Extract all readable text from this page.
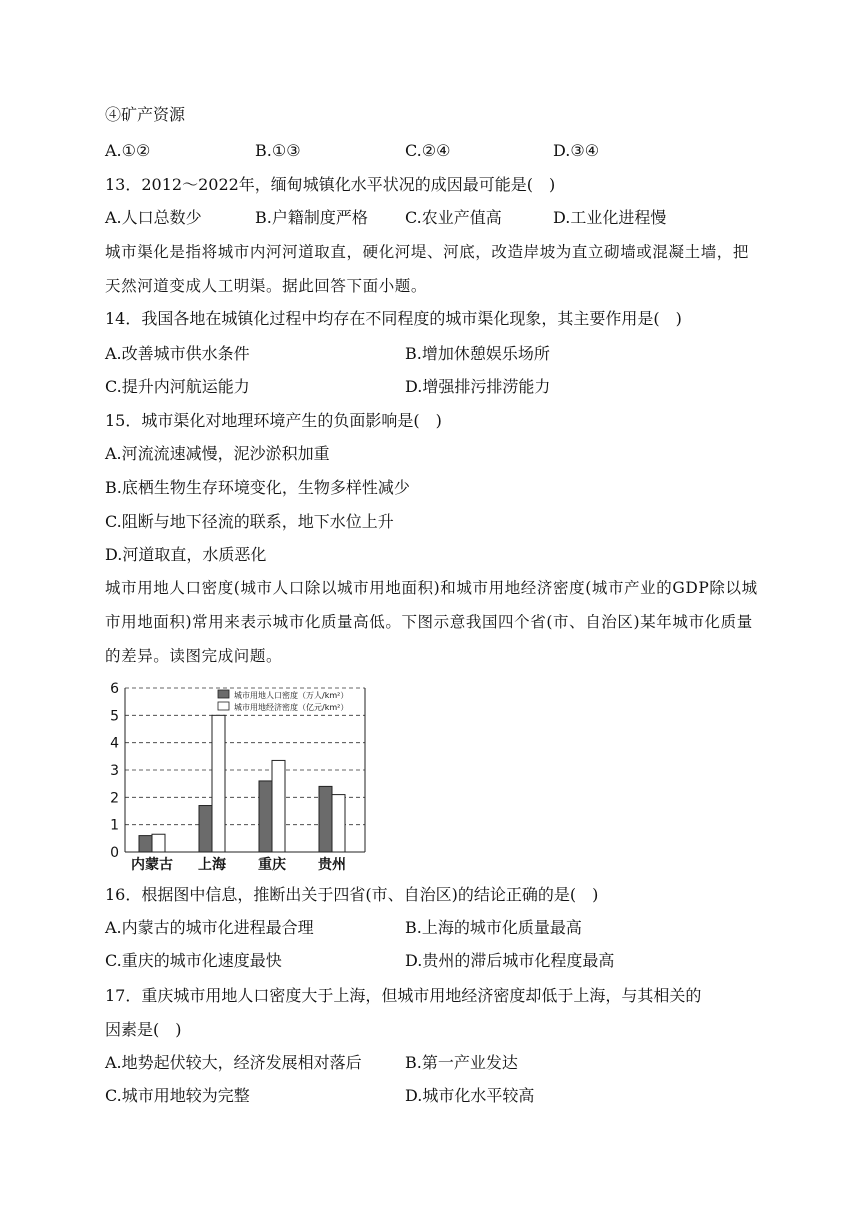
④矿产资源
A.①②	B.①③	C.②④	D.③④
13．2012～2022年，缅甸城镇化水平状况的成因最可能是(　)
A.人口总数少	B.户籍制度严格 C.农业产值高	D.工业化进程慢
城市渠化是指将城市内河河道取直，硬化河堤、河底，改造岸坡为直立砌墙或混凝土墙，把天然河道变成人工明渠。据此回答下面小题。
14．我国各地在城镇化过程中均存在不同程度的城市渠化现象，其主要作用是(　)
A.改善城市供水条件	B.增加休憩娱乐场所
C.提升内河航运能力	D.增强排污排涝能力
15．城市渠化对地理环境产生的负面影响是(　)
A.河流流速减慢，泥沙淤积加重
B.底栖生物生存环境变化，生物多样性减少
C.阻断与地下径流的联系，地下水位上升
D.河道取直，水质恶化
城市用地人口密度(城市人口除以城市用地面积)和城市用地经济密度(城市产业的GDP除以城市用地面积)常用来表示城市化质量高低。下图示意我国四个省(市、自治区)某年城市化质量的差异。读图完成问题。
0
1
2
3
4
5
6
内蒙古 上海 重庆 贵州
城市用地人口密度（万人/km²）
城市用地经济密度（亿元/km²）
16．根据图中信息，推断出关于四省(市、自治区)的结论正确的是(　)
A.内蒙古的城市化进程最合理	B.上海的城市化质量最高
C.重庆的城市化速度最快	D.贵州的滞后城市化程度最高
17．重庆城市用地人口密度大于上海，但城市用地经济密度却低于上海，与其相关的
因素是(　)
A.地势起伏较大，经济发展相对落后	B.第一产业发达
C.城市用地较为完整	D.城市化水平较高
